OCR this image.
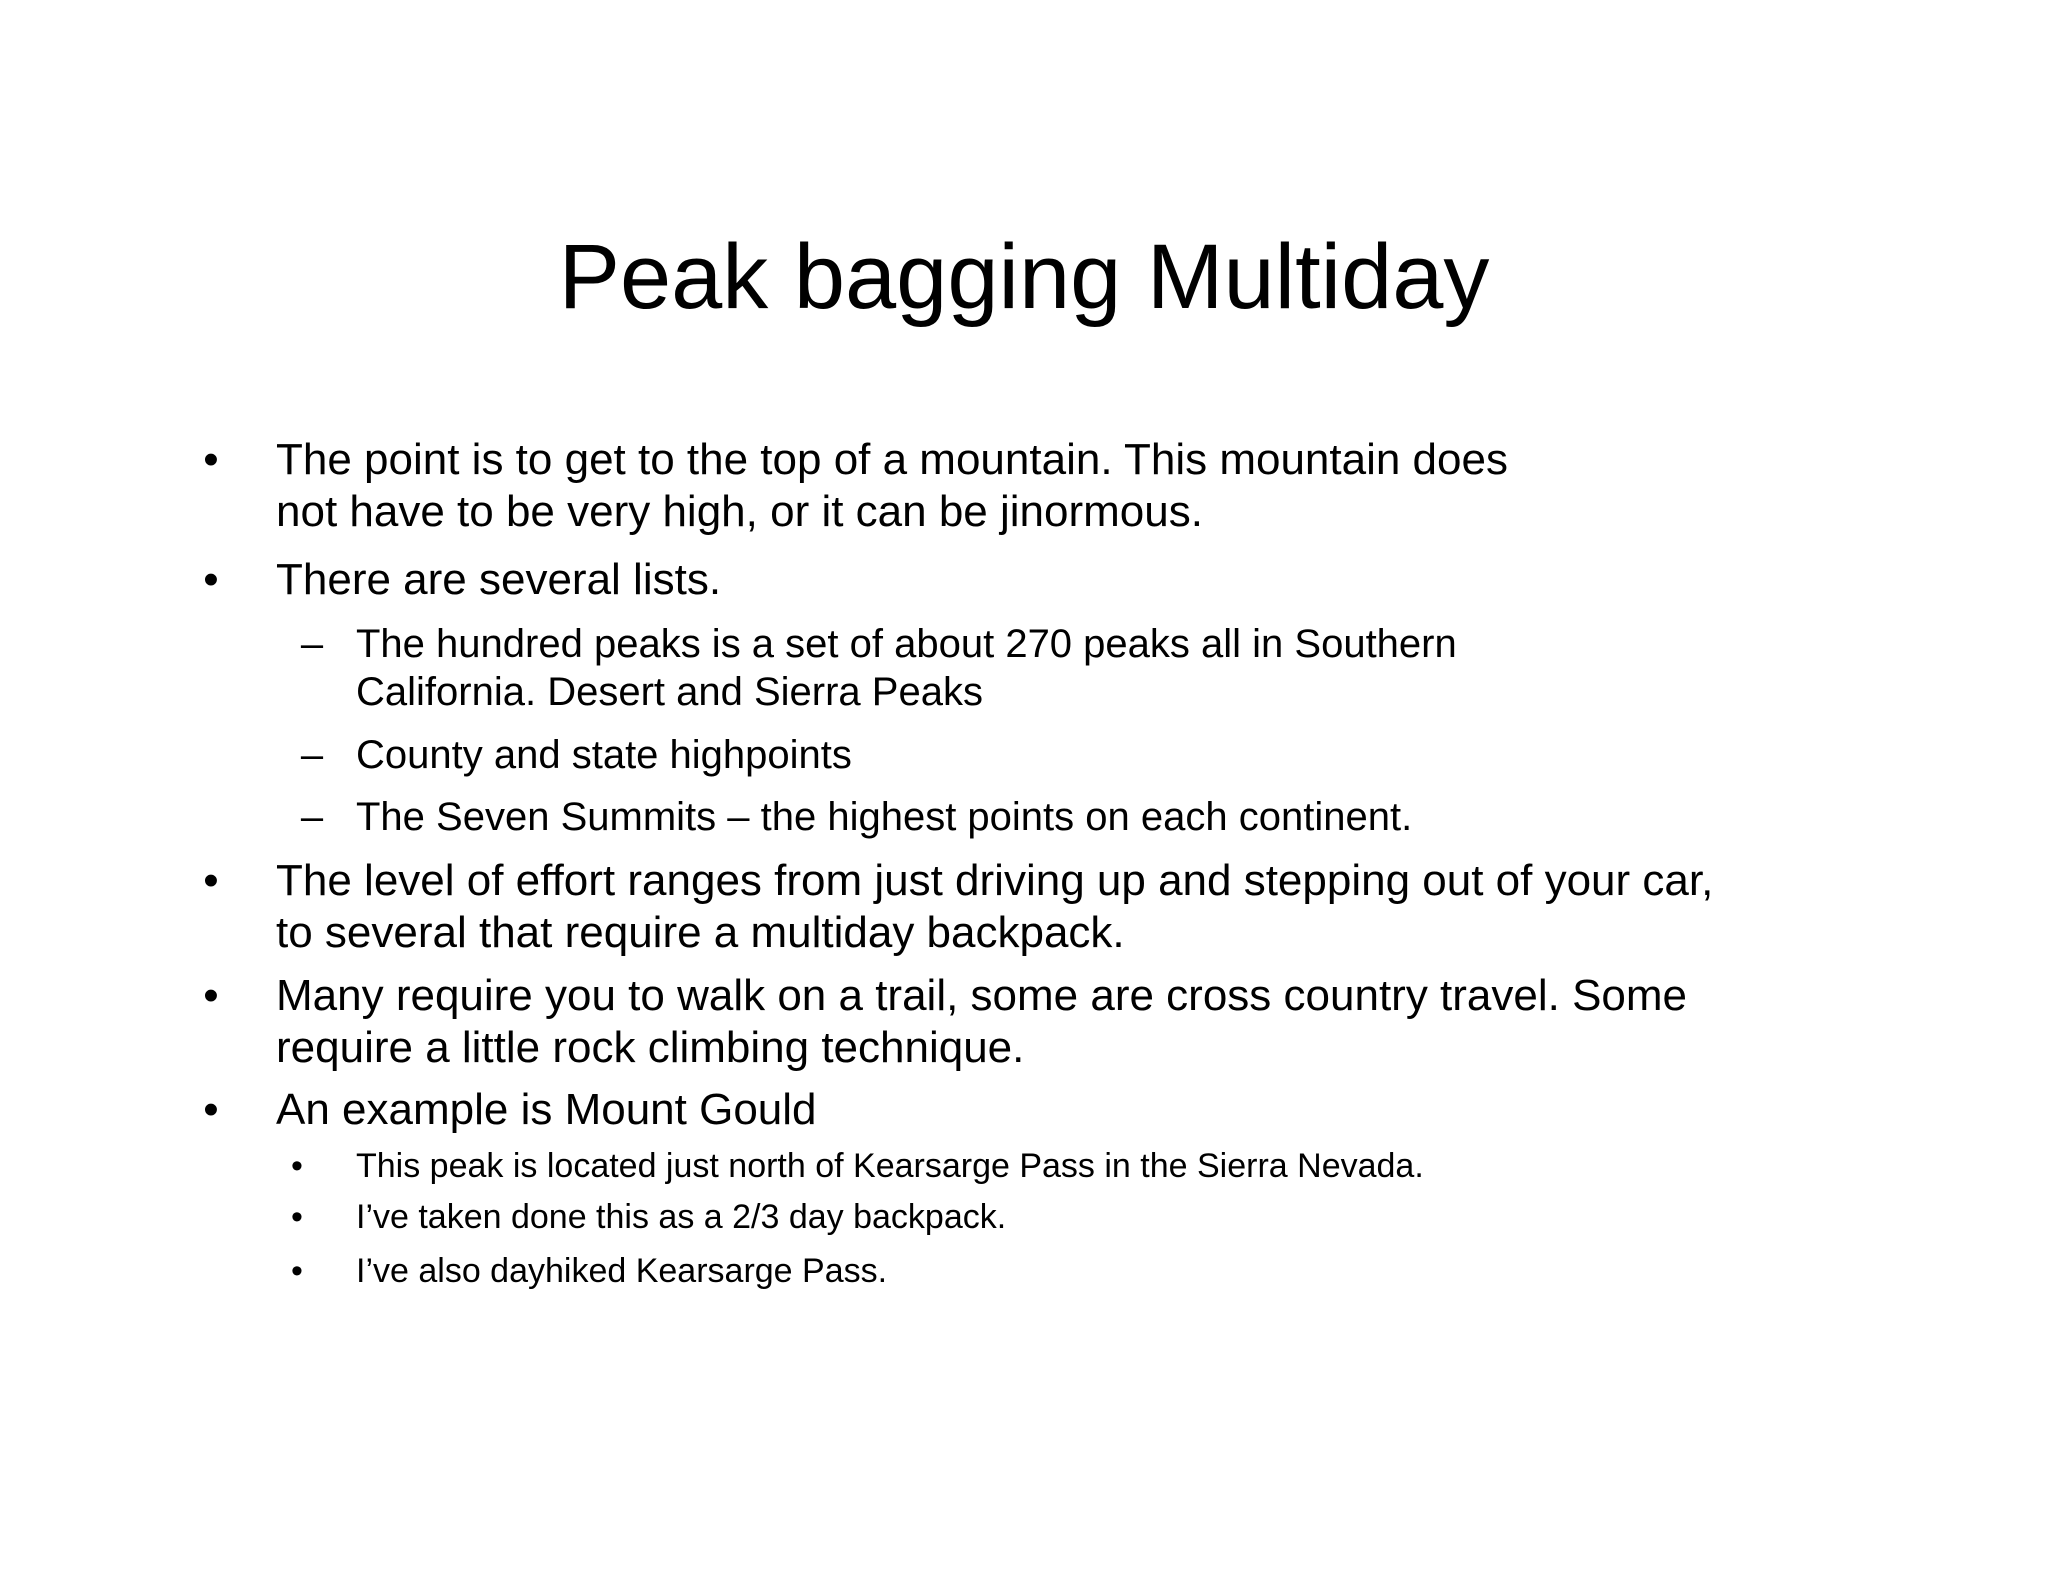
Peak bagging Multiday
• The point is to get to the top of a mountain. This mountain does
not have to be very high, or it can be jinormous.
• There are several lists.
– The hundred peaks is a set of about 270 peaks all in Southern
California. Desert and Sierra Peaks
– County and state highpoints
– The Seven Summits – the highest points on each continent.
• The level of effort ranges from just driving up and stepping out of your car,
to several that require a multiday backpack.
• Many require you to walk on a trail, some are cross country travel. Some
require a little rock climbing technique.
• An example is Mount Gould
• This peak is located just north of Kearsarge Pass in the Sierra Nevada.
• I’ve taken done this as a 2/3 day backpack.
• I’ve also dayhiked Kearsarge Pass.
